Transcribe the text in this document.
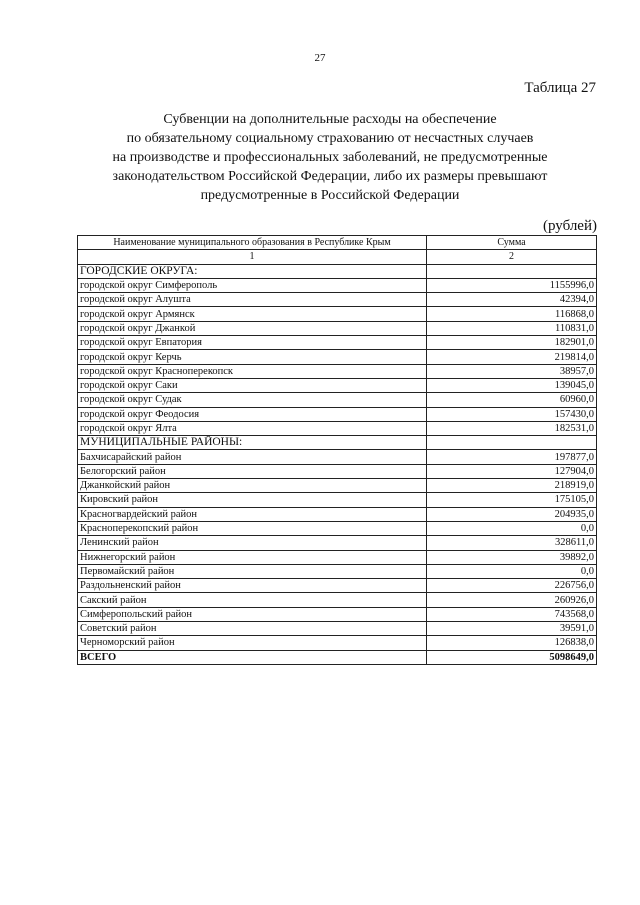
27
Таблица 27
Субвенции на дополнительные расходы на обеспечение
по обязательному социальному страхованию от несчастных случаев
на производстве и профессиональных заболеваний, не предусмотренные
законодательством Российской Федерации, либо их размеры превышают
предусмотренные в Российской Федерации
(рублей)
Наименование муниципального образования в Республике Крым	Сумма
1	2
ГОРОДСКИЕ ОКРУГА:	
городской округ Симферополь	1155996,0
городской округ Алушта	42394,0
городской округ Армянск	116868,0
городской округ Джанкой	110831,0
городской округ Евпатория	182901,0
городской округ Керчь	219814,0
городской округ Красноперекопск	38957,0
городской округ Саки	139045,0
городской округ Судак	60960,0
городской округ Феодосия	157430,0
городской округ Ялта	182531,0
МУНИЦИПАЛЬНЫЕ РАЙОНЫ:	
Бахчисарайский район	197877,0
Белогорский район	127904,0
Джанкойский район	218919,0
Кировский район	175105,0
Красногвардейский район	204935,0
Красноперекопский район	0,0
Ленинский район	328611,0
Нижнегорский район	39892,0
Первомайский район	0,0
Раздольненский район	226756,0
Сакский район	260926,0
Симферопольский район	743568,0
Советский район	39591,0
Черноморский район	126838,0
ВСЕГО	5098649,0
